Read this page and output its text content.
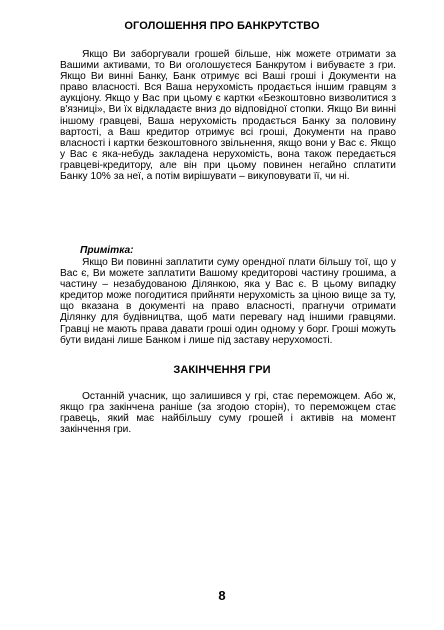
ОГОЛОШЕННЯ ПРО БАНКРУТСТВО

Якщо Ви заборгували грошей більше, ніж можете отримати за Вашими активами, то Ви оголошуєтеся Банкрутом і вибуваєте з гри. Якщо Ви винні Банку, Банк отримує всі Ваші гроші і Документи на право власності. Вся Ваша нерухомість продається іншим гравцям з аукціону. Якщо у Вас при цьому є картки «Безкоштовно визволитися з в'язниці», Ви їх відкладаєте вниз до відповідної стопки. Якщо Ви винні іншому гравцеві, Ваша нерухомість продається Банку за половину вартості, а Ваш кредитор отримує всі гроші, Документи на право власності і картки безкоштовного звільнення, якщо вони у Вас є. Якщо у Вас є яка-небудь закладена нерухомість, вона також передається гравцеві-кредитору, але він при цьому повинен негайно сплатити Банку 10% за неї, а потім вирішувати – викуповувати її, чи ні.

Примітка:

Якщо Ви повинні заплатити суму орендної плати більшу тої, що у Вас є, Ви можете заплатити Вашому кредиторові частину грошима, а частину – незабудованою Ділянкою, яка у Вас є. В цьому випадку кредитор може погодитися прийняти нерухомість за ціною вище за ту, що вказана в документі на право власності, прагнучи отримати Ділянку для будівництва, щоб мати перевагу над іншими гравцями. Гравці не мають права давати гроші один одному у борг. Гроші можуть бути видані лише Банком і лише під заставу нерухомості.

ЗАКІНЧЕННЯ ГРИ

Останній учасник, що залишився у грі, стає переможцем. Або ж, якщо гра закінчена раніше (за згодою сторін), то переможцем стає гравець, який має найбільшу суму грошей і активів на момент закінчення гри.

8
